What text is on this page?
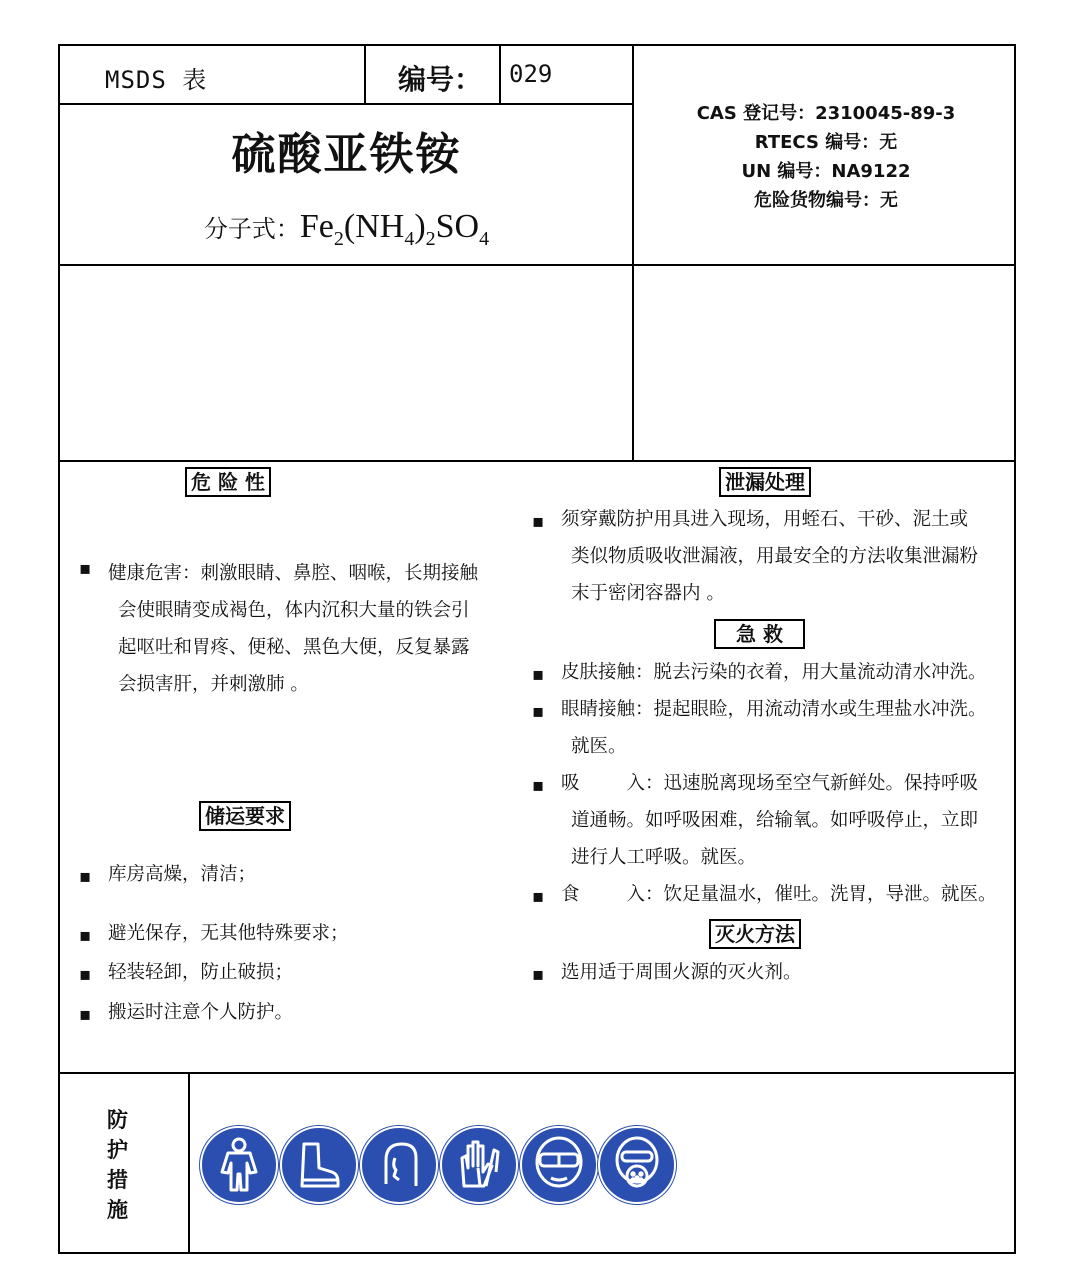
MSDS 表	编号： 029
硫酸亚铁铵
分子式：$Fe_2(NH_4)_2SO_4$
CAS 登记号：2310045-89-3
RTECS 编号：无
UN 编号：NA9122
危险货物编号：无
危 险 性
▪ 健康危害：刺激眼睛、鼻腔、咽喉，长期接触
会使眼睛变成褐色，体内沉积大量的铁会引
起呕吐和胃疼、便秘、黑色大便，反复暴露
会损害肝，并刺激肺 。
储运要求
▪ 库房高燥，清洁；
▪ 避光保存，无其他特殊要求；
▪ 轻装轻卸，防止破损；
▪ 搬运时注意个人防护。
泄漏处理
▪ 须穿戴防护用具进入现场，用蛭石、干砂、泥土或
类似物质吸收泄漏液，用最安全的方法收集泄漏粉
末于密闭容器内 。
急 救
▪ 皮肤接触：脱去污染的衣着，用大量流动清水冲洗。
▪ 眼睛接触：提起眼睑，用流动清水或生理盐水冲洗。
就医。
▪ 吸        入：迅速脱离现场至空气新鲜处。保持呼吸
道通畅。如呼吸困难，给输氧。如呼吸停止，立即
进行人工呼吸。就医。
▪ 食        入：饮足量温水，催吐。洗胃，导泄。就医。
灭火方法
▪ 选用适于周围火源的灭火剂。
防
护
措
施
